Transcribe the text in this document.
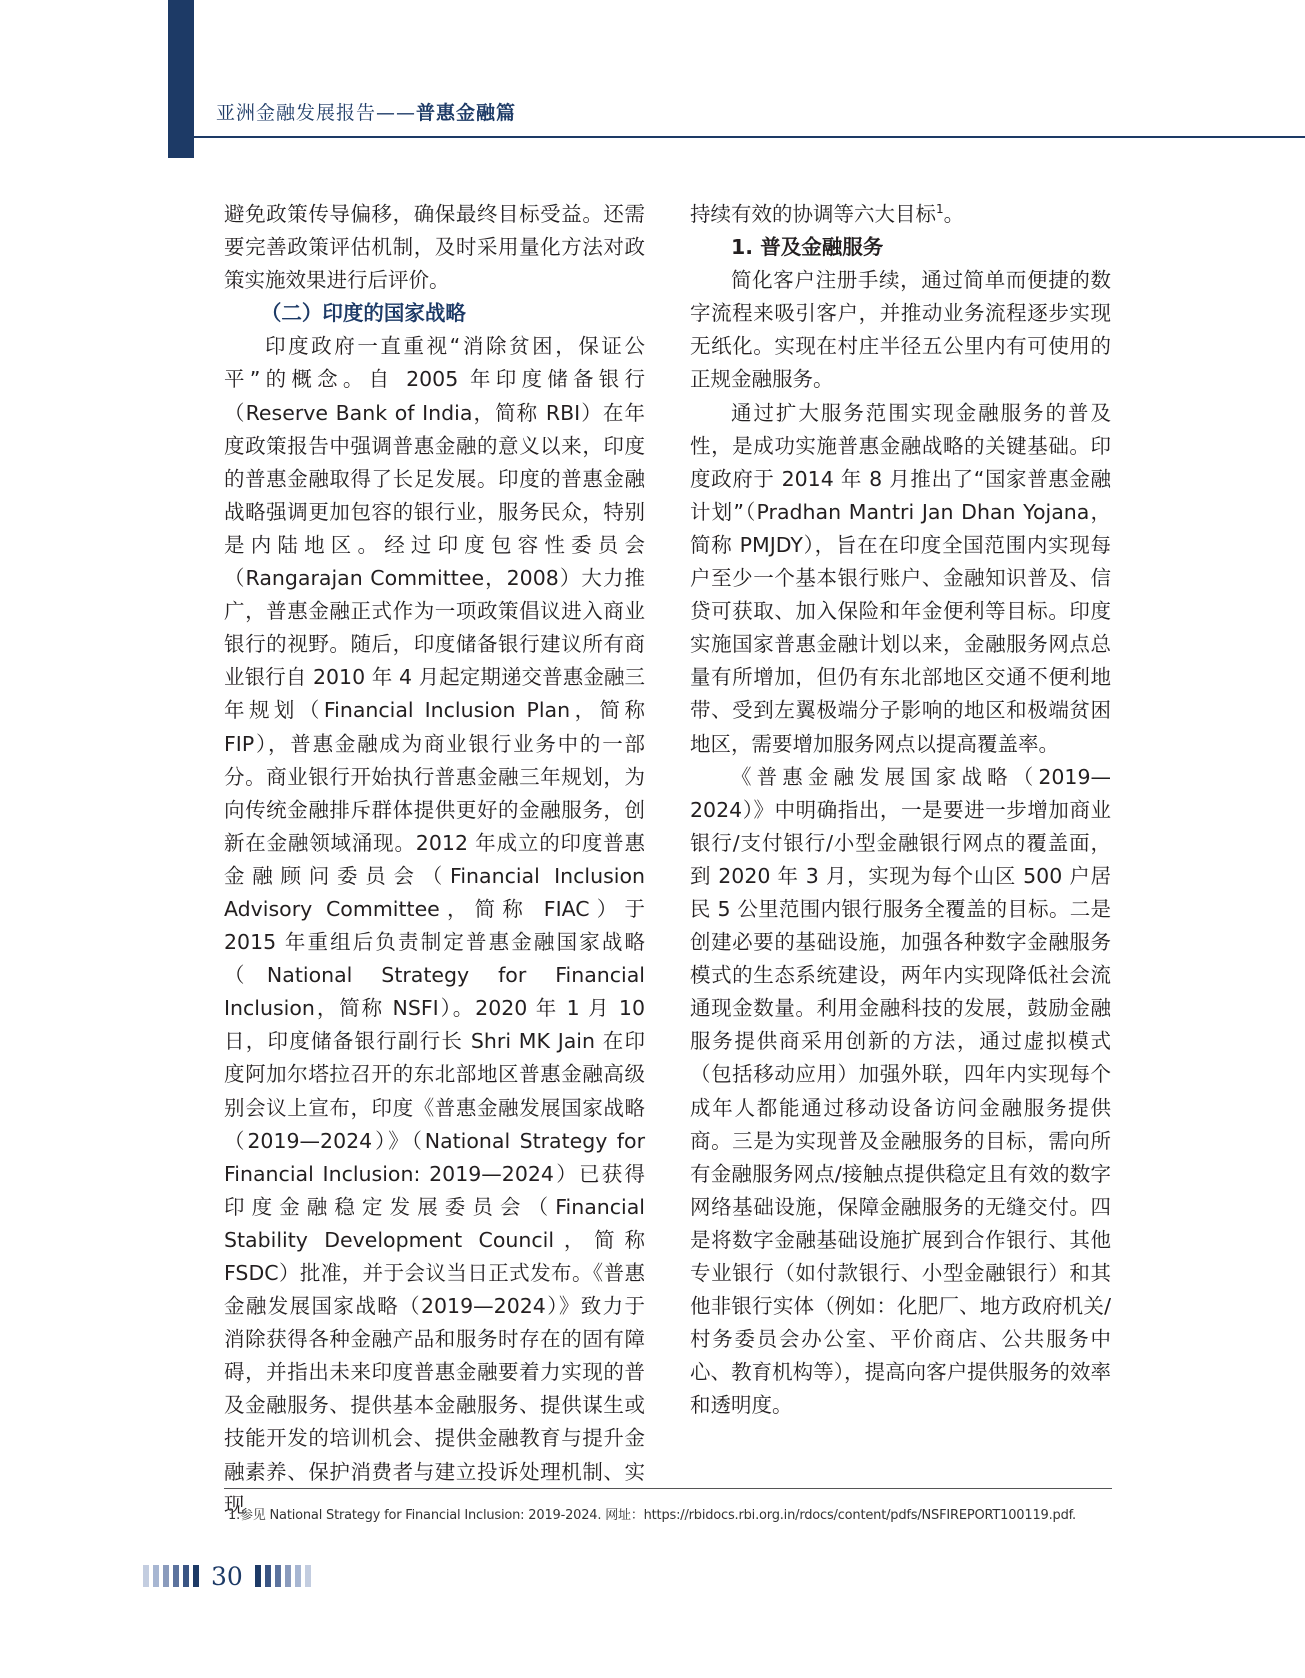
亚洲金融发展报告——普惠金融篇

避免政策传导偏移，确保最终目标受益。还需要完善政策评估机制，及时采用量化方法对政策实施效果进行后评价。

（二）印度的国家战略

印度政府一直重视“消除贫困，保证公平”的概念。自 2005 年印度储备银行（Reserve Bank of India，简称 RBI）在年度政策报告中强调普惠金融的意义以来，印度的普惠金融取得了长足发展。印度的普惠金融战略强调更加包容的银行业，服务民众，特别是内陆地区。经过印度包容性委员会（Rangarajan Committee，2008）大力推广，普惠金融正式作为一项政策倡议进入商业银行的视野。随后，印度储备银行建议所有商业银行自 2010 年 4 月起定期递交普惠金融三年规划（Financial Inclusion Plan，简称 FIP），普惠金融成为商业银行业务中的一部分。商业银行开始执行普惠金融三年规划，为向传统金融排斥群体提供更好的金融服务，创新在金融领域涌现。2012 年成立的印度普惠金融顾问委员会（Financial Inclusion Advisory Committee，简称 FIAC）于 2015 年重组后负责制定普惠金融国家战略（National Strategy for Financial Inclusion，简称 NSFI）。2020 年 1 月 10 日，印度储备银行副行长 Shri MK Jain 在印度阿加尔塔拉召开的东北部地区普惠金融高级别会议上宣布，印度《普惠金融发展国家战略（2019—2024）》（National Strategy for Financial Inclusion: 2019—2024）已获得印度金融稳定发展委员会（Financial Stability Development Council，简称 FSDC）批准，并于会议当日正式发布。《普惠金融发展国家战略（2019—2024）》致力于消除获得各种金融产品和服务时存在的固有障碍，并指出未来印度普惠金融要着力实现的普及金融服务、提供基本金融服务、提供谋生或技能开发的培训机会、提供金融教育与提升金融素养、保护消费者与建立投诉处理机制、实现

持续有效的协调等六大目标$^1$。

1. 普及金融服务

简化客户注册手续，通过简单而便捷的数字流程来吸引客户，并推动业务流程逐步实现无纸化。实现在村庄半径五公里内有可使用的正规金融服务。

通过扩大服务范围实现金融服务的普及性，是成功实施普惠金融战略的关键基础。印度政府于 2014 年 8 月推出了“国家普惠金融计划”（Pradhan Mantri Jan Dhan Yojana，简称 PMJDY），旨在在印度全国范围内实现每户至少一个基本银行账户、金融知识普及、信贷可获取、加入保险和年金便利等目标。印度实施国家普惠金融计划以来，金融服务网点总量有所增加，但仍有东北部地区交通不便利地带、受到左翼极端分子影响的地区和极端贫困地区，需要增加服务网点以提高覆盖率。

《普惠金融发展国家战略（2019—2024）》中明确指出，一是要进一步增加商业银行/支付银行/小型金融银行网点的覆盖面，到 2020 年 3 月，实现为每个山区 500 户居民 5 公里范围内银行服务全覆盖的目标。二是创建必要的基础设施，加强各种数字金融服务模式的生态系统建设，两年内实现降低社会流通现金数量。利用金融科技的发展，鼓励金融服务提供商采用创新的方法，通过虚拟模式（包括移动应用）加强外联，四年内实现每个成年人都能通过移动设备访问金融服务提供商。三是为实现普及金融服务的目标，需向所有金融服务网点/接触点提供稳定且有效的数字网络基础设施，保障金融服务的无缝交付。四是将数字金融基础设施扩展到合作银行、其他专业银行（如付款银行、小型金融银行）和其他非银行实体（例如：化肥厂、地方政府机关/村务委员会办公室、平价商店、公共服务中心、教育机构等），提高向客户提供服务的效率和透明度。

1.参见 National Strategy for Financial Inclusion: 2019-2024. 网址：https://rbidocs.rbi.org.in/rdocs/content/pdfs/NSFIREPORT100119.pdf.
30
